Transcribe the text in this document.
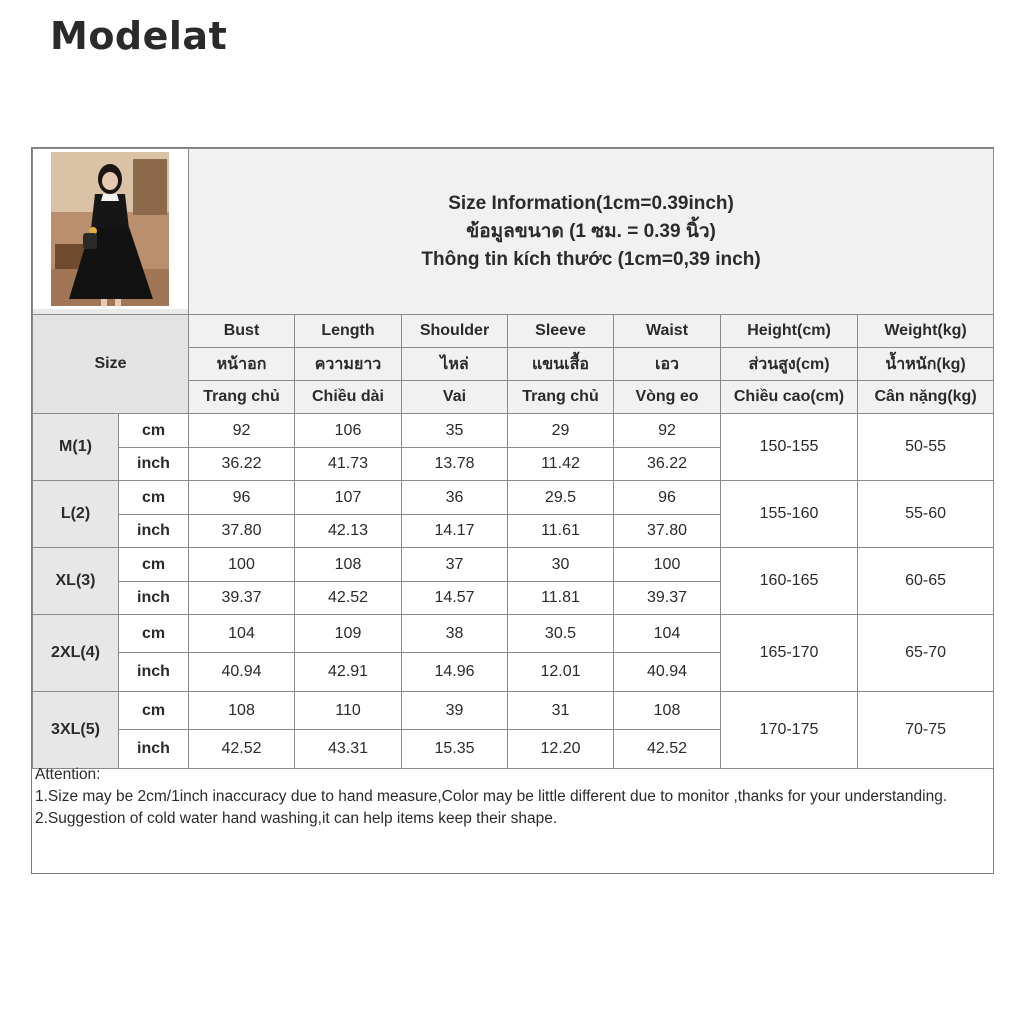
Modelat

Size Information(1cm=0.39inch)
ข้อมูลขนาด (1 ซม. = 0.39 นิ้ว)
Thông tin kích thước (1cm=0,39 inch)						

Size		Bust	Length	Shoulder	Sleeve	Waist	Height(cm)	Weight(kg)
		หน้าอก	ความยาว	ไหล่	แขนเสื้อ	เอว	ส่วนสูง(cm)	น้ำหนัก(kg)
		Trang chủ	Chiều dài	Vai	Trang chủ	Vòng eo	Chiều cao(cm)	Cân nặng(kg)
M(1)	cm	92	106	35	29	92	150-155	50-55
	inch	36.22	41.73	13.78	11.42	36.22		
L(2)	cm	96	107	36	29.5	96	155-160	55-60
	inch	37.80	42.13	14.17	11.61	37.80		
XL(3)	cm	100	108	37	30	100	160-165	60-65
	inch	39.37	42.52	14.57	11.81	39.37		
2XL(4)	cm	104	109	38	30.5	104	165-170	65-70
	inch	40.94	42.91	14.96	12.01	40.94		
3XL(5)	cm	108	110	39	31	108	170-175	70-75
	inch	42.52	43.31	15.35	12.20	42.52		
Attention:
1.Size may be 2cm/1inch inaccuracy due to hand measure,Color may be little different due to monitor ,thanks for your understanding.
2.Suggestion of cold water hand washing,it can help items keep their shape.
